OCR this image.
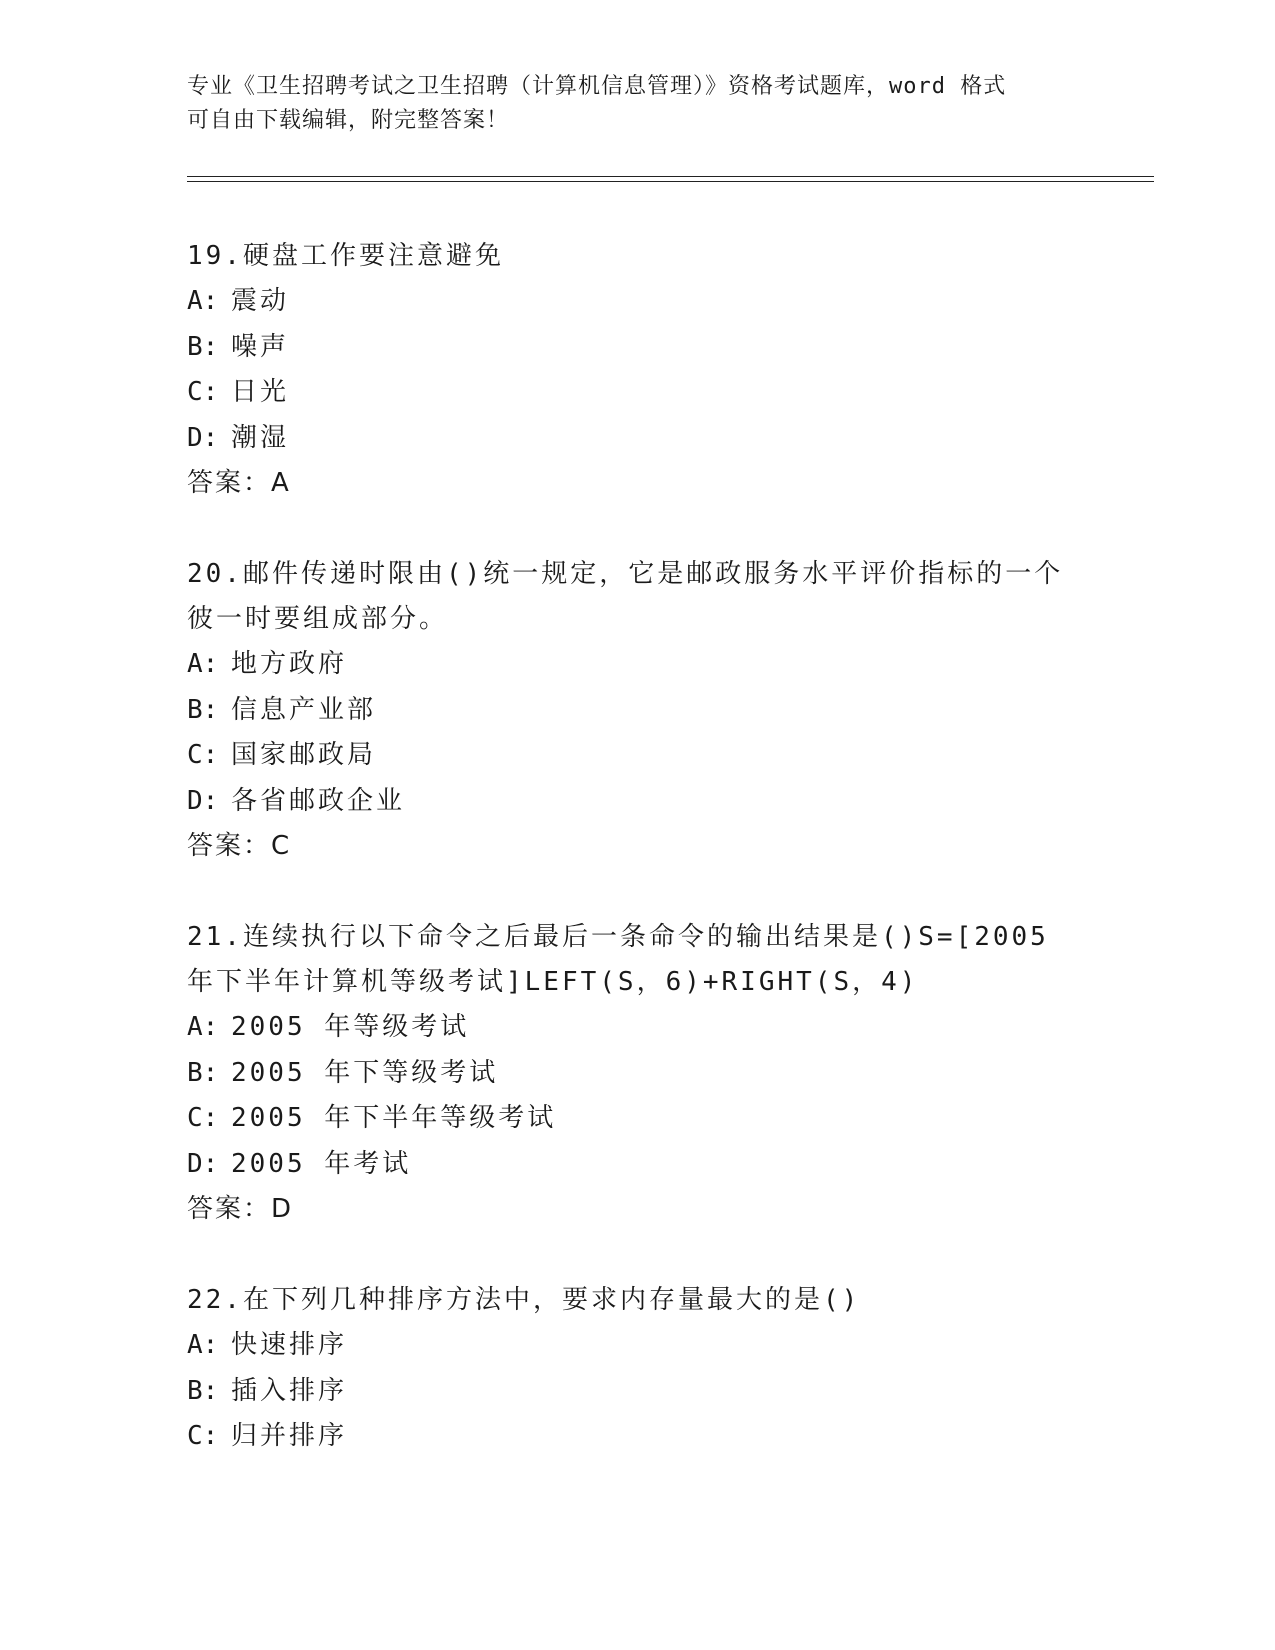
专业《卫生招聘考试之卫生招聘（计算机信息管理）》资格考试题库，word 格式
可自由下载编辑，附完整答案！

19.硬盘工作要注意避免

A: 震动

B: 噪声

C: 日光

D: 潮湿

答案：A

20.邮件传递时限由()统一规定，它是邮政服务水平评价指标的一个彼一时要组成部分。

A: 地方政府

B: 信息产业部

C: 国家邮政局

D: 各省邮政企业

答案：C

21.连续执行以下命令之后最后一条命令的输出结果是()S=[2005 年下半年计算机等级考试]LEFT(S，6)+RIGHT(S，4)

A: 2005 年等级考试

B: 2005 年下等级考试

C: 2005 年下半年等级考试

D: 2005 年考试

答案：D

22.在下列几种排序方法中，要求内存量最大的是()

A: 快速排序

B: 插入排序

C: 归并排序
